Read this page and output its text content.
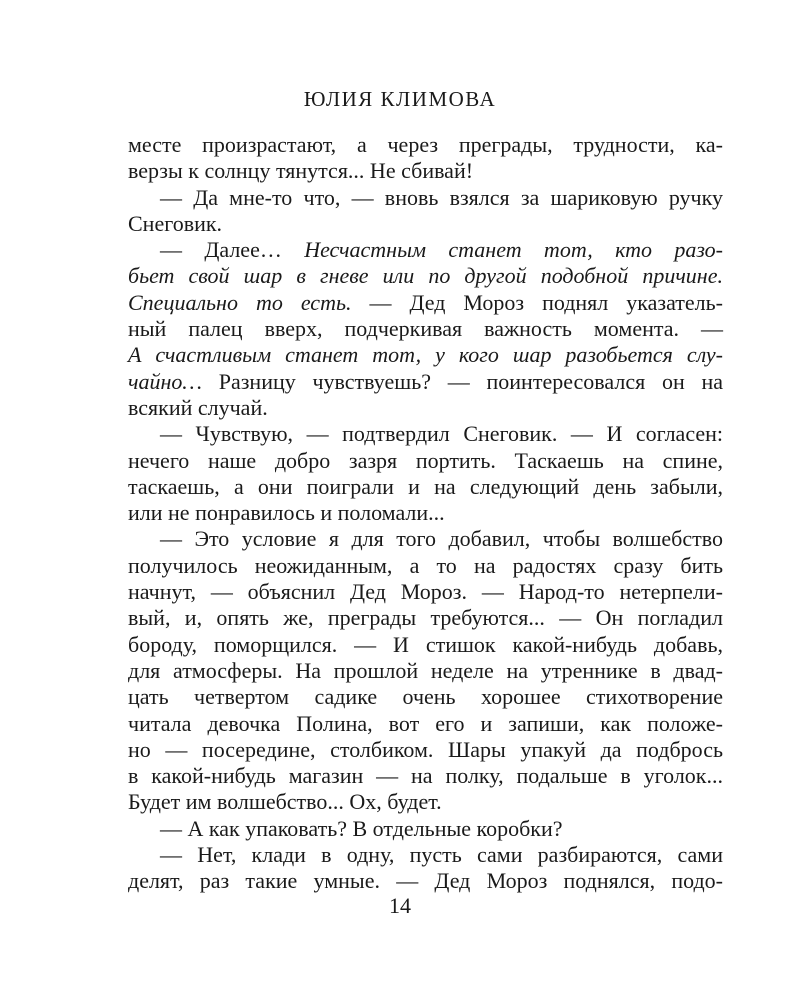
ЮЛИЯ КЛИМОВА
месте произрастают, а через преграды, трудности, ка-
верзы к солнцу тянутся... Не сбивай!
— Да мне-то что, — вновь взялся за шариковую ручку
Снеговик.
— Далее… Несчастным станет тот, кто разо-
бьет свой шар в гневе или по другой подобной причине.
Специально то есть. — Дед Мороз поднял указатель-
ный палец вверх, подчеркивая важность момента. —
А счастливым станет тот, у кого шар разобьется слу-
чайно… Разницу чувствуешь? — поинтересовался он на
всякий случай.
— Чувствую, — подтвердил Снеговик. — И согласен:
нечего наше добро зазря портить. Таскаешь на спине,
таскаешь, а они поиграли и на следующий день забыли,
или не понравилось и поломали...
— Это условие я для того добавил, чтобы волшебство
получилось неожиданным, а то на радостях сразу бить
начнут, — объяснил Дед Мороз. — Народ-то нетерпели-
вый, и, опять же, преграды требуются... — Он погладил
бороду, поморщился. — И стишок какой-нибудь добавь,
для атмосферы. На прошлой неделе на утреннике в двад-
цать четвертом садике очень хорошее стихотворение
читала девочка Полина, вот его и запиши, как положе-
но — посередине, столбиком. Шары упакуй да подбрось
в какой-нибудь магазин — на полку, подальше в уголок...
Будет им волшебство... Ох, будет.
— А как упаковать? В отдельные коробки?
— Нет, клади в одну, пусть сами разбираются, сами
делят, раз такие умные. — Дед Мороз поднялся, подо-
14
